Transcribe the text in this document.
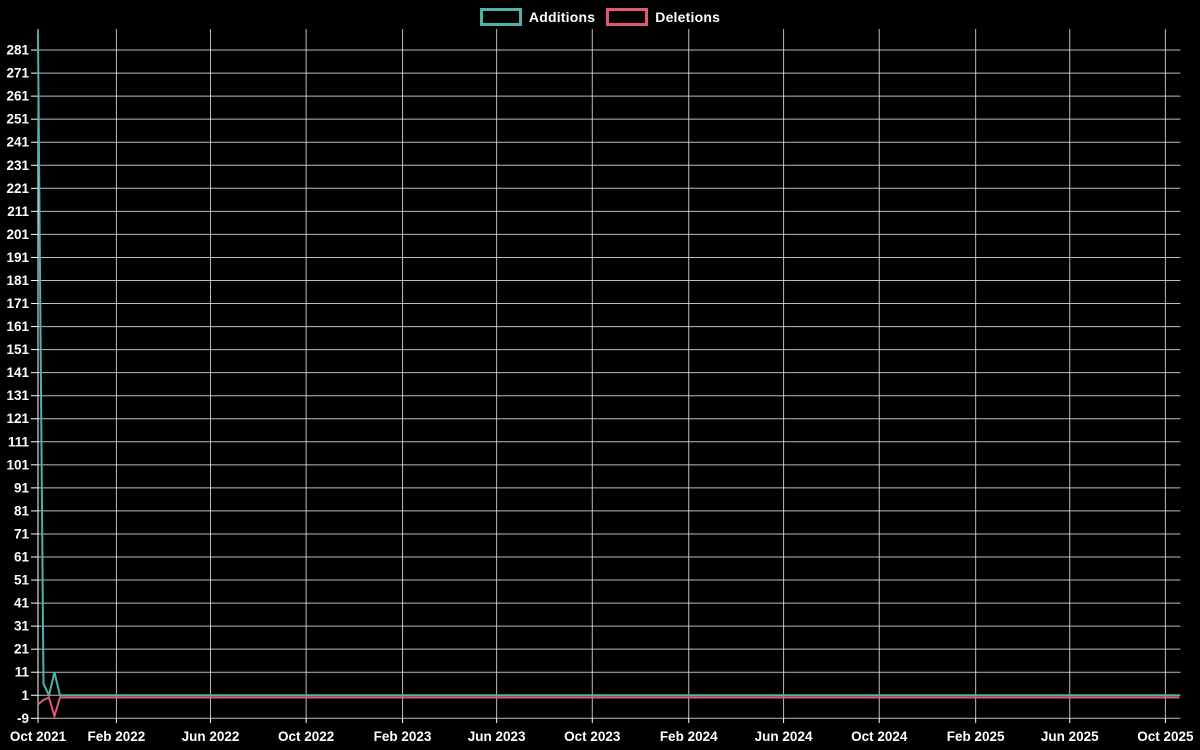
Additions	Deletions
-9
1
11
21
31
41
51
61
71
81
91
101
111
121
131
141
151
161
171
181
191
201
211
221
231
241
251
261
271
281
Oct 2021 Feb 2022	Jun 2022	Oct 2022	Feb 2023	Jun 2023	Oct 2023	Feb 2024	Jun 2024	Oct 2024	Feb 2025	Jun 2025	Oct 2025
